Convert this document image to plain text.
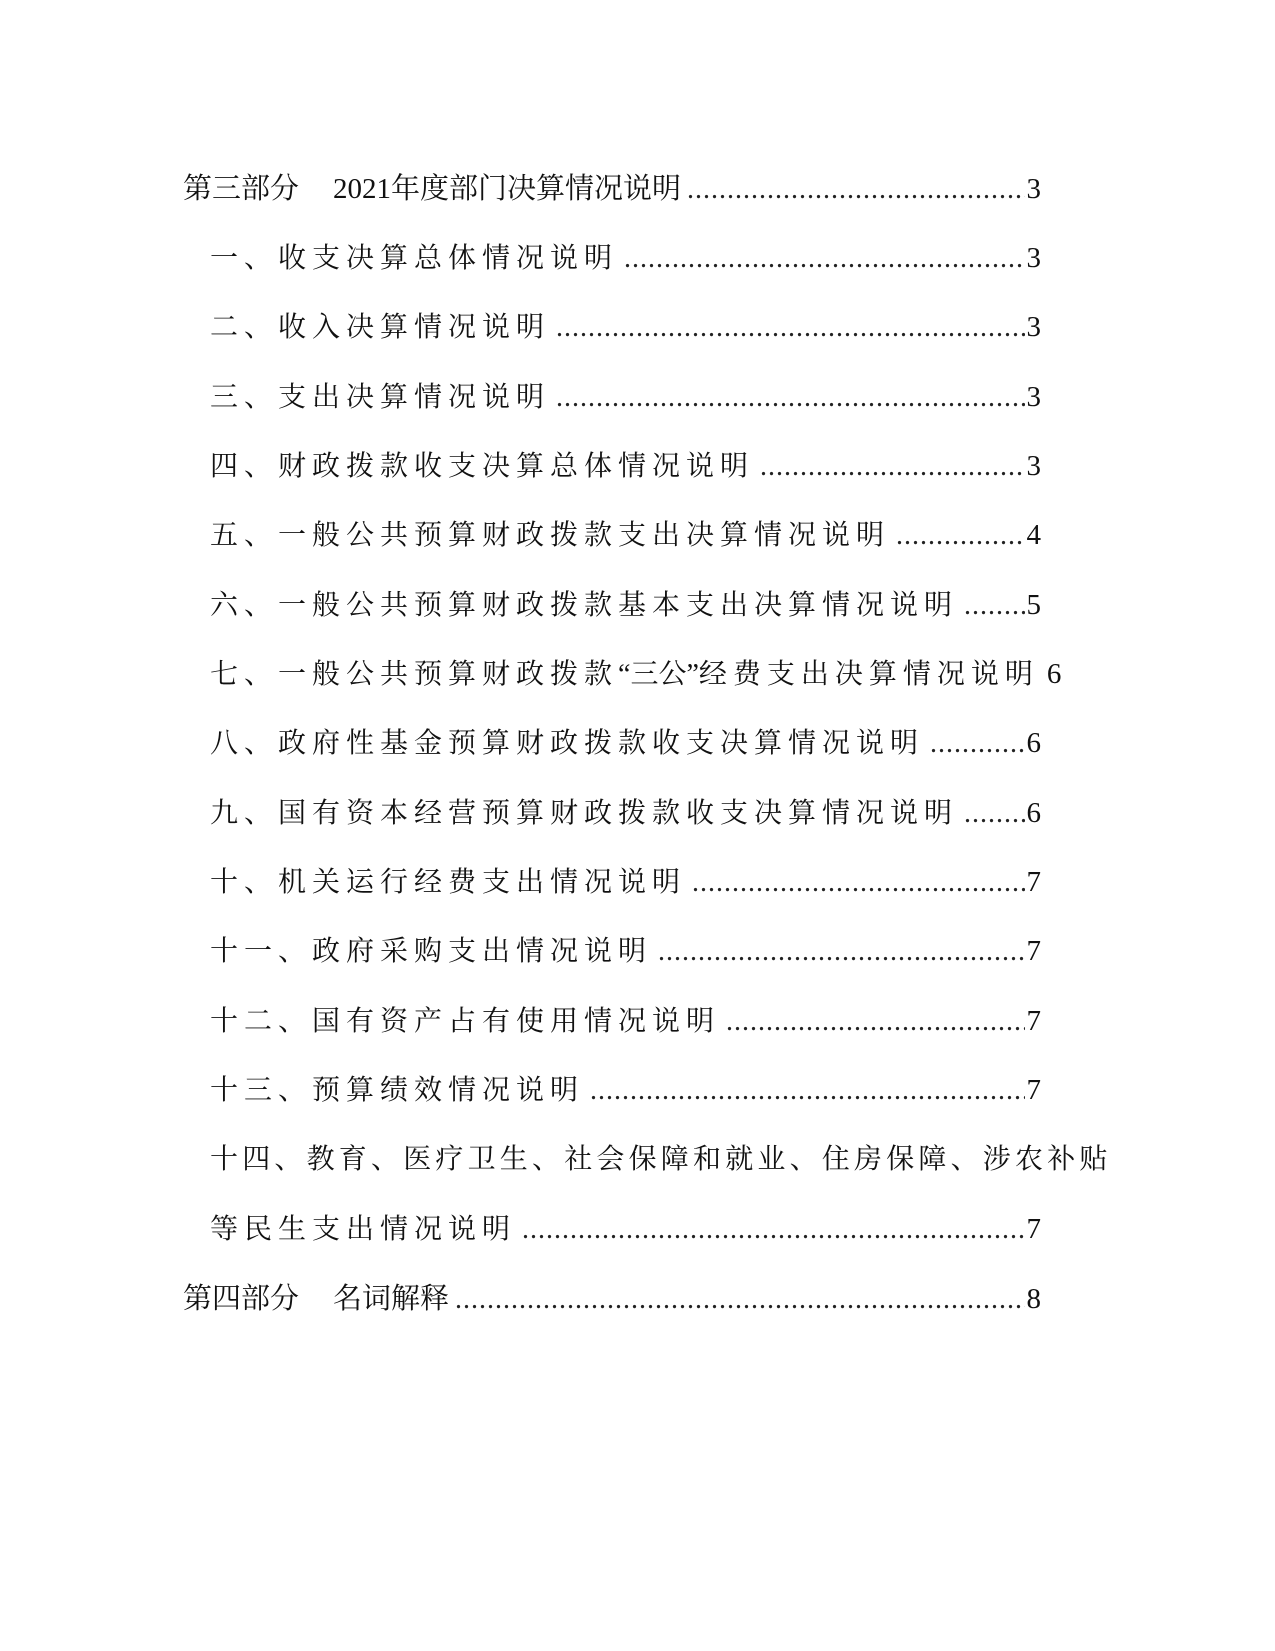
第三部分 2021年度部门决算情况说明 .....	3
一、收支决算总体情况说明 .....	3
二、收入决算情况说明 .....	3
三、支出决算情况说明 .....	3
四、财政拨款收支决算总体情况说明 .....	3
五、一般公共预算财政拨款支出决算情况说明 .....	4
六、一般公共预算财政拨款基本支出决算情况说明 ..... 5
七、一般公共预算财政拨款“三公”经费支出决算情况说明 6
八、政府性基金预算财政拨款收支决算情况说明 .....	6
九、国有资本经营预算财政拨款收支决算情况说明 ..... 6
十、机关运行经费支出情况说明 .....	7
十一、政府采购支出情况说明 .....	7
十二、国有资产占有使用情况说明 .....	7
十三、预算绩效情况说明 .....	7
十四、教育、医疗卫生、社会保障和就业、住房保障、涉农补贴
等民生支出情况说明 .....	7
第四部分 名词解释 .....	8
